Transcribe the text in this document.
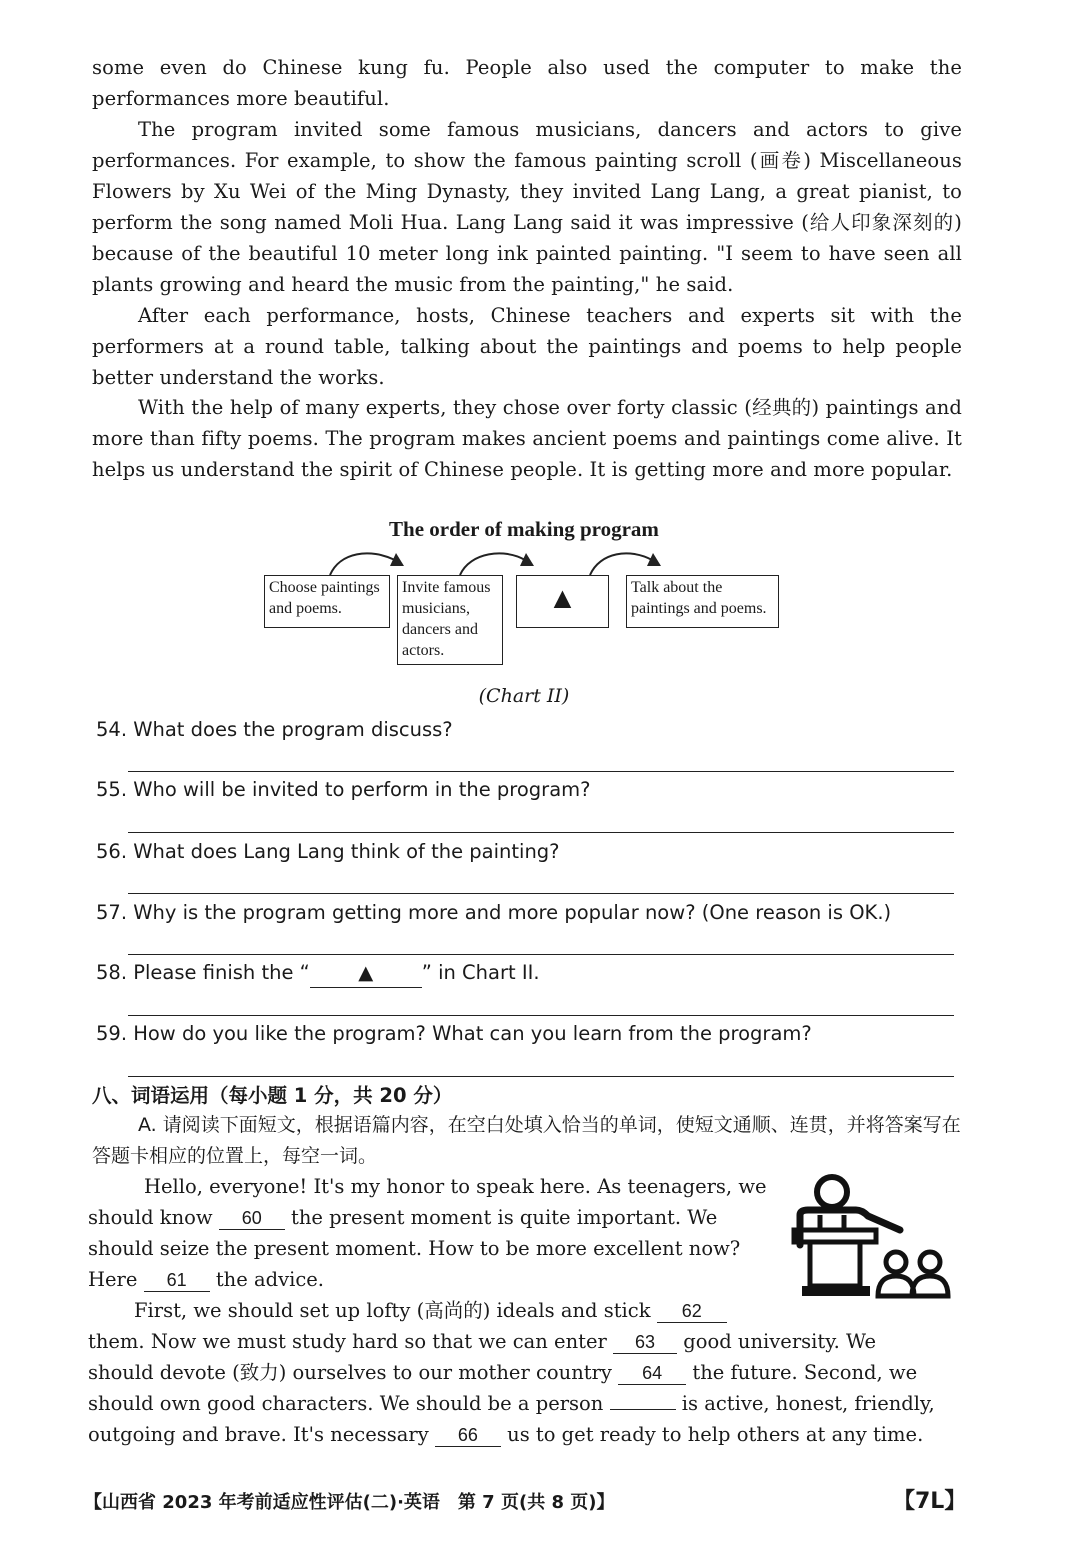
some even do Chinese kung fu. People also used the computer to make the performances more beautiful.
The program invited some famous musicians, dancers and actors to give performances. For example, to show the famous painting scroll (画卷) Miscellaneous Flowers by Xu Wei of the Ming Dynasty, they invited Lang Lang, a great pianist, to perform the song named Moli Hua. Lang Lang said it was impressive (给人印象深刻的) because of the beautiful 10 meter long ink painted painting. "I seem to have seen all plants growing and heard the music from the painting," he said.
After each performance, hosts, Chinese teachers and experts sit with the performers at a round table, talking about the paintings and poems to help people better understand the works.
With the help of many experts, they chose over forty classic (经典的) paintings and more than fifty poems. The program makes ancient poems and paintings come alive. It helps us understand the spirit of Chinese people. It is getting more and more popular.
The order of making program
Choose paintings and poems.
Invite famous musicians, dancers and actors.
▲	Talk about the paintings and poems.
(Chart II)
54. What does the program discuss?
55. Who will be invited to perform in the program?
56. What does Lang Lang think of the painting?
57. Why is the program getting more and more popular now? (One reason is OK.)
58. Please finish the “ ▲ ” in Chart II.
59. How do you like the program? What can you learn from the program?
八、词语运用（每小题 1 分，共 20 分）
A. 请阅读下面短文，根据语篇内容，在空白处填入恰当的单词，使短文通顺、连贯，并将答案写在答题卡相应的位置上，每空一词。
Hello, everyone! It's my honor to speak here. As teenagers, we
should know 60 the present moment is quite important. We
should seize the present moment. How to be more excellent now?
Here 61 the advice.
First, we should set up lofty (高尚的) ideals and stick 62
them. Now we must study hard so that we can enter 63 good university. We
should devote (致力) ourselves to our mother country 64 the future. Second, we
should own good characters. We should be a person	is active, honest, friendly,
outgoing and brave. It's necessary 66 us to get ready to help others at any time.
【山西省 2023 年考前适应性评估(二)·英语　第 7 页(共 8 页)】	【7L】
